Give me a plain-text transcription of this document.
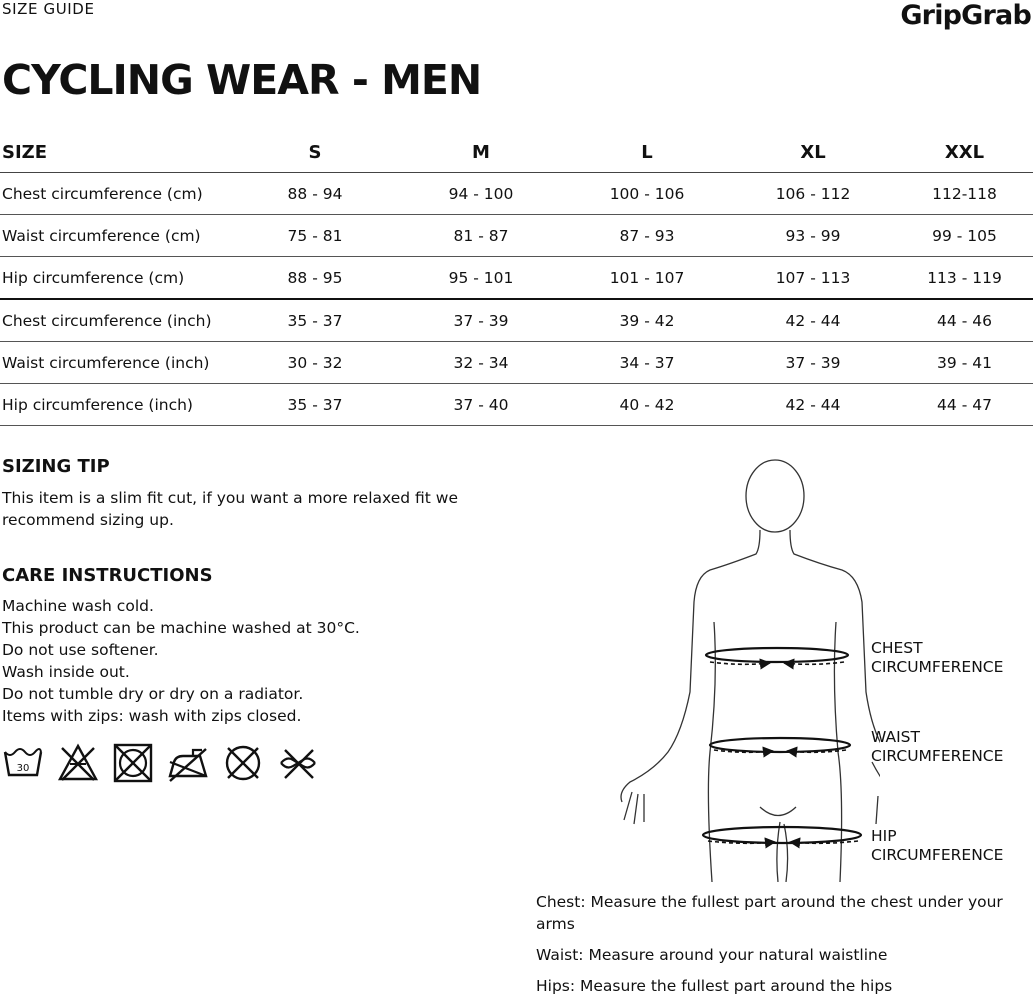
SIZE GUIDE	GripGrab
CYCLING WEAR - MEN
SIZE	S	M	L	XL	XXL
Chest circumference (cm)	88 - 94	94 - 100	100 - 106	106 - 112	112-118
Waist circumference (cm)	75 - 81	81 - 87	87 - 93	93 - 99	99 - 105
Hip circumference (cm)	88 - 95	95 - 101	101 - 107	107 - 113	113 - 119
Chest circumference (inch)	35 - 37	37 - 39	39 - 42	42 - 44	44 - 46
Waist circumference (inch)	30 - 32	32 - 34	34 - 37	37 - 39	39 - 41
Hip circumference (inch)	35 - 37	37 - 40	40 - 42	42 - 44	44 - 47
SIZING TIP
This item is a slim fit cut, if you want a more relaxed fit we
recommend sizing up.
CARE INSTRUCTIONS
Machine wash cold.
This product can be machine washed at 30°C.
Do not use softener.
Wash inside out.
Do not tumble dry or dry on a radiator.
Items with zips: wash with zips closed.
30
CHEST
CIRCUMFERENCE
WAIST
CIRCUMFERENCE
HIP
CIRCUMFERENCE

Chest: Measure the fullest part around the chest under your
arms

Waist: Measure around your natural waistline

Hips: Measure the fullest part around the hips
